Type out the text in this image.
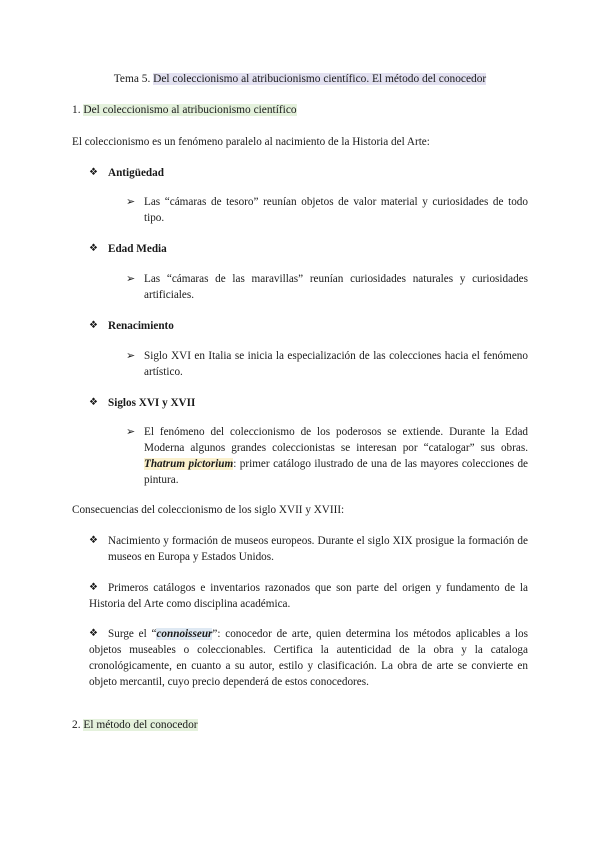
Tema 5. Del coleccionismo al atribucionismo científico. El método del conocedor
1. Del coleccionismo al atribucionismo científico
El coleccionismo es un fenómeno paralelo al nacimiento de la Historia del Arte:
❖ Antigüedad
➢ Las “cámaras de tesoro” reunían objetos de valor material y curiosidades de todo tipo.
❖ Edad Media
➢ Las “cámaras de las maravillas” reunían curiosidades naturales y curiosidades artificiales.
❖ Renacimiento
➢ Siglo XVI en Italia se inicia la especialización de las colecciones hacia el fenómeno artístico.
❖ Siglos XVI y XVII
➢ El fenómeno del coleccionismo de los poderosos se extiende. Durante la Edad Moderna algunos grandes coleccionistas se interesan por “catalogar” sus obras. Thatrum pictorium: primer catálogo ilustrado de una de las mayores colecciones de pintura.
Consecuencias del coleccionismo de los siglo XVII y XVIII:
❖ Nacimiento y formación de museos europeos. Durante el siglo XIX prosigue la formación de museos en Europa y Estados Unidos.
❖ Primeros catálogos e inventarios razonados que son parte del origen y fundamento de la Historia del Arte como disciplina académica.
❖ Surge el “connoisseur”: conocedor de arte, quien determina los métodos aplicables a los objetos museables o coleccionables. Certifica la autenticidad de la obra y la cataloga cronológicamente, en cuanto a su autor, estilo y clasificación. La obra de arte se convierte en objeto mercantil, cuyo precio dependerá de estos conocedores.
2. El método del conocedor
